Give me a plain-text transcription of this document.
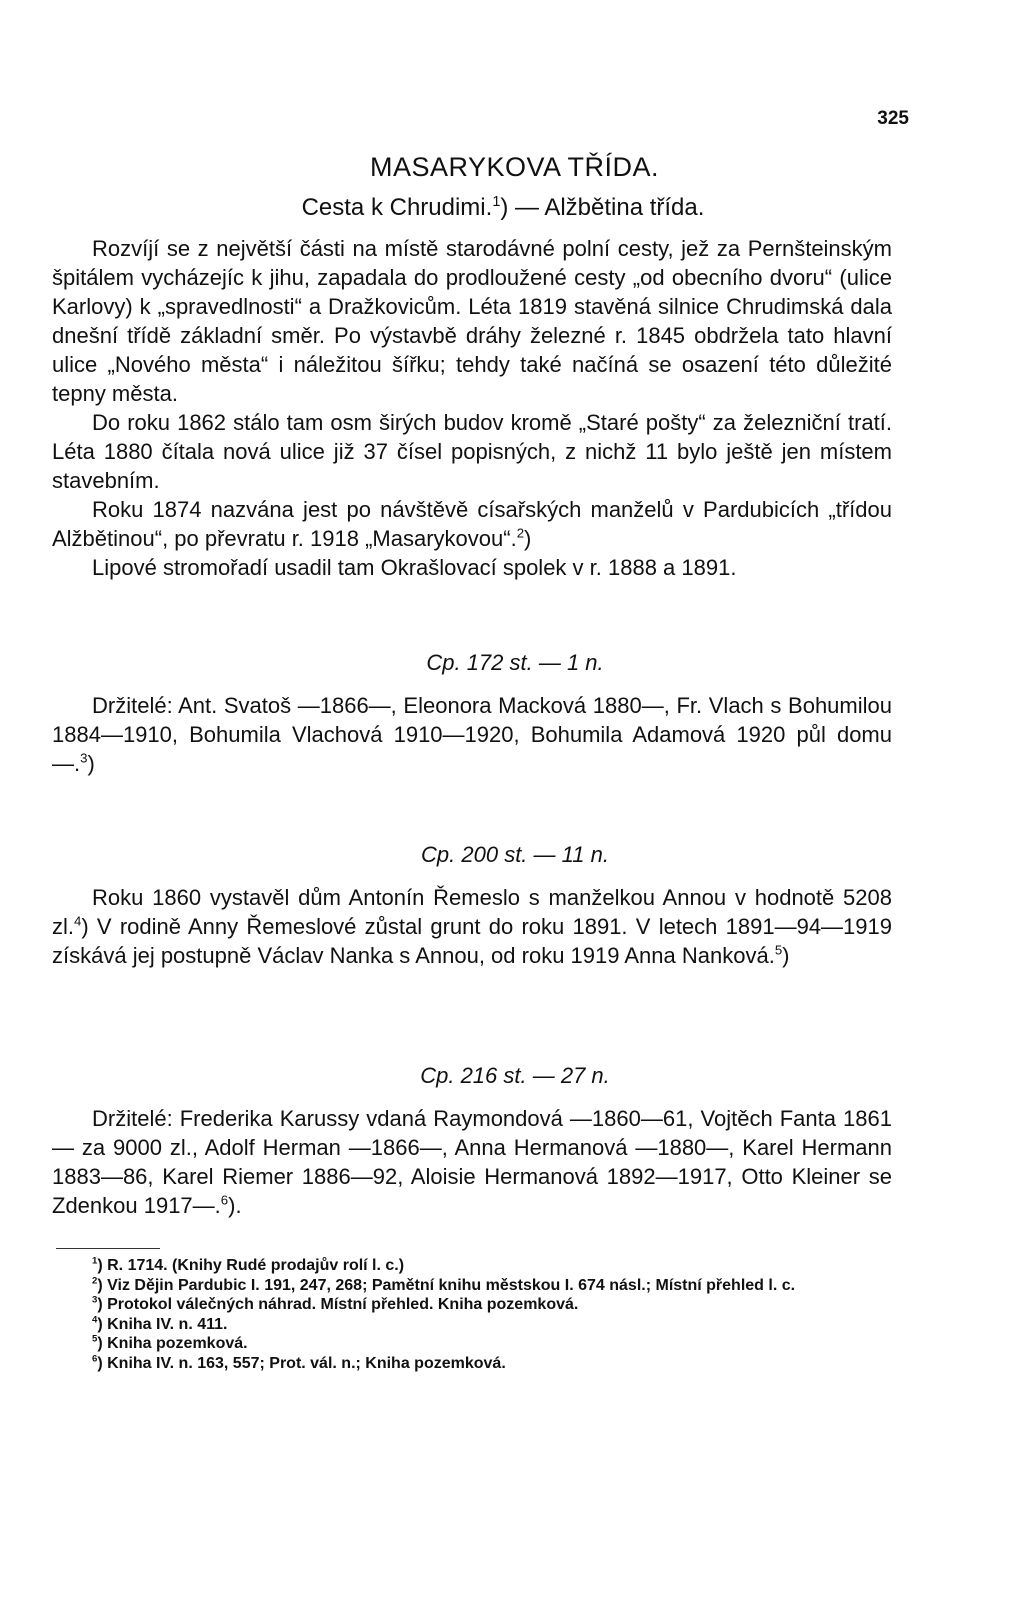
325
MASARYKOVA TŘÍDA.
Cesta k Chrudimi.$^1$) — Alžbětina třída.

Rozvíjí se z největší části na místě starodávné polní cesty, jež za Pernšteinským špitálem vycházejíc k jihu, zapadala do prodloužené cesty „od obecního dvoru“ (ulice Karlovy) k „spravedlnosti“ a Dražkovicům. Léta 1819 stavěná silnice Chrudimská dala dnešní třídě základní směr. Po výstavbě dráhy železné r. 1845 obdržela tato hlavní ulice „Nového města“ i náležitou šířku; tehdy také načíná se osazení této důležité tepny města.

Do roku 1862 stálo tam osm širých budov kromě „Staré pošty“ za železniční tratí. Léta 1880 čítala nová ulice již 37 čísel popisných, z nichž 11 bylo ještě jen místem stavebním.

Roku 1874 nazvána jest po návštěvě císařských manželů v Pardubicích „třídou Alžbětinou“, po převratu r. 1918 „Masarykovou“.$^2$)

Lipové stromořadí usadil tam Okrašlovací spolek v r. 1888 a 1891.

Cp. 172 st. — 1 n.

Držitelé: Ant. Svatoš —1866—, Eleonora Macková 1880—, Fr. Vlach s Bohumilou 1884—1910, Bohumila Vlachová 1910—1920, Bohumila Adamová 1920 půl domu —.$^3$)

Cp. 200 st. — 11 n.

Roku 1860 vystavěl dům Antonín Řemeslo s manželkou Annou v hodnotě 5208 zl.$^4$) V rodině Anny Řemeslové zůstal grunt do roku 1891. V letech 1891—94—1919 získává jej postupně Václav Nanka s Annou, od roku 1919 Anna Nanková.$^5$)

Cp. 216 st. — 27 n.

Držitelé: Frederika Karussy vdaná Raymondová —1860—61, Vojtěch Fanta 1861— za 9000 zl., Adolf Herman —1866—, Anna Hermanová —1880—, Karel Hermann 1883—86, Karel Riemer 1886—92, Aloisie Hermanová 1892—1917, Otto Kleiner se Zdenkou 1917—.$^6$).

$^1$) R. 1714. (Knihy Rudé prodajův rolí l. c.)

$^2$) Viz Dějin Pardubic I. 191, 247, 268; Pamětní knihu městskou I. 674 násl.; Místní přehled l. c.

$^3$) Protokol válečných náhrad. Místní přehled. Kniha pozemková.

$^4$) Kniha IV. n. 411.

$^5$) Kniha pozemková.

$^6$) Kniha IV. n. 163, 557; Prot. vál. n.; Kniha pozemková.
